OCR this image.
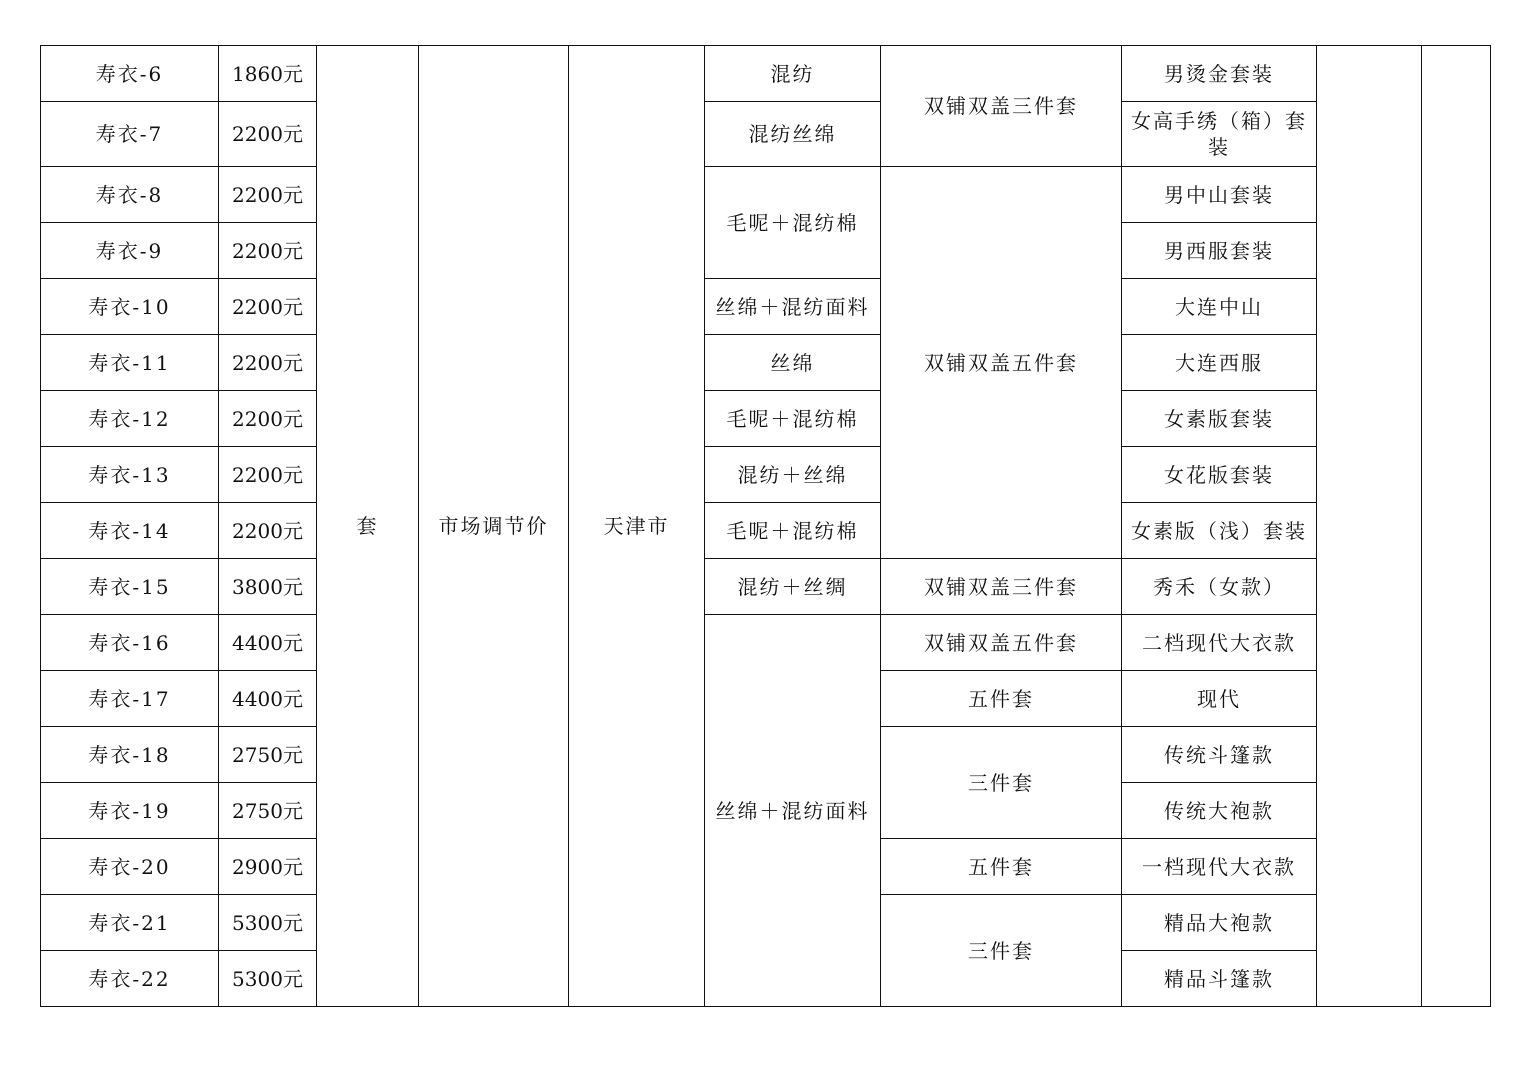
寿衣-6	1860元	套	市场调节价	天津市	混纺	双铺双盖三件套	男烫金套装		
寿衣-7	2200元				混纺丝绵		女高手绣（箱）套装		
寿衣-8	2200元				毛呢＋混纺棉	双铺双盖五件套	男中山套装		
寿衣-9	2200元						男西服套装		
寿衣-10	2200元				丝绵＋混纺面料		大连中山		
寿衣-11	2200元				丝绵		大连西服		
寿衣-12	2200元				毛呢＋混纺棉		女素版套装		
寿衣-13	2200元				混纺＋丝绵		女花版套装		
寿衣-14	2200元				毛呢＋混纺棉		女素版（浅）套装		
寿衣-15	3800元				混纺＋丝绸	双铺双盖三件套	秀禾（女款）		
寿衣-16	4400元				丝绵＋混纺面料	双铺双盖五件套	二档现代大衣款		
寿衣-17	4400元					五件套	现代		
寿衣-18	2750元					三件套	传统斗篷款		
寿衣-19	2750元						传统大袍款		
寿衣-20	2900元					五件套	一档现代大衣款		
寿衣-21	5300元					三件套	精品大袍款		
寿衣-22	5300元						精品斗篷款		
